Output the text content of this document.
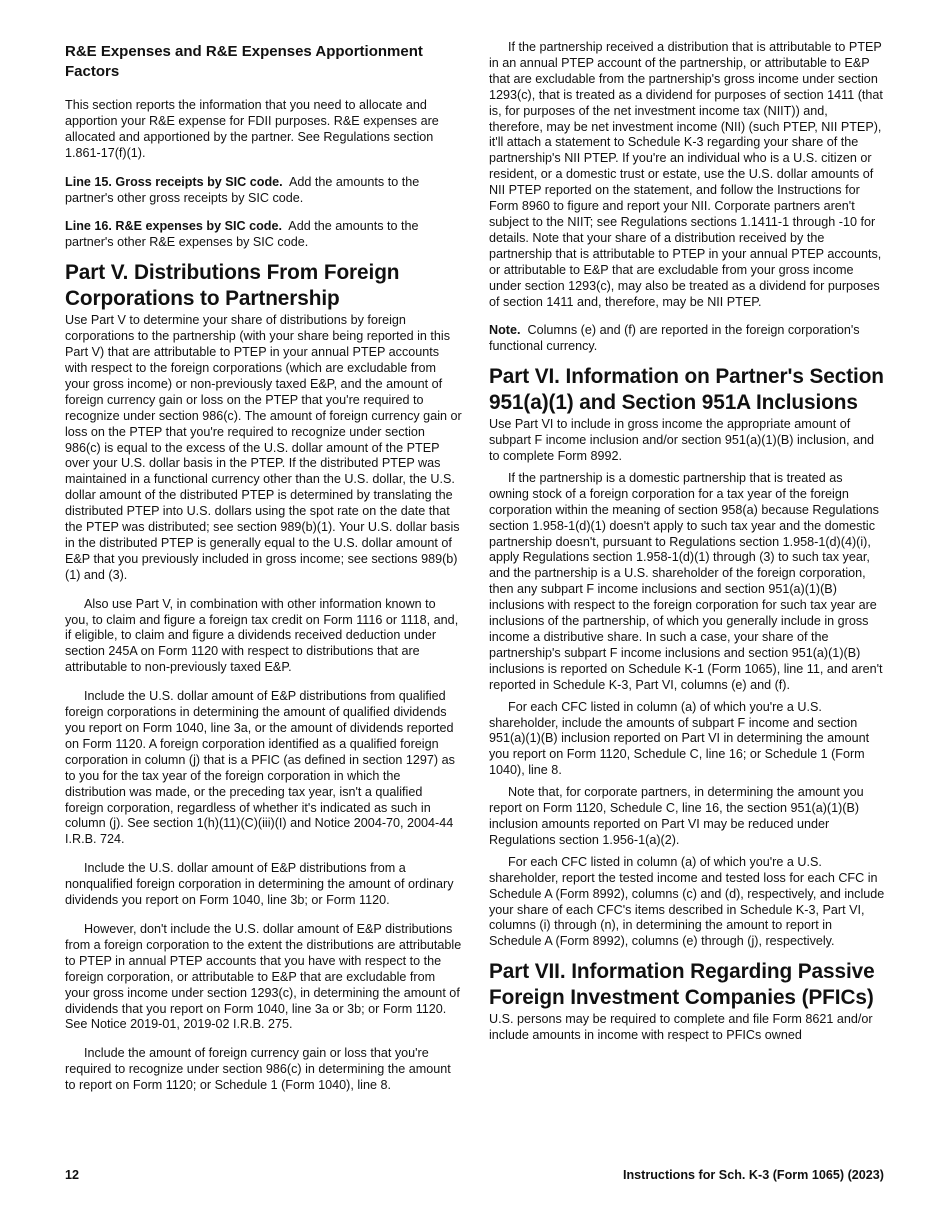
R&E Expenses and R&E Expenses Apportionment Factors

This section reports the information that you need to allocate and apportion your R&E expense for FDII purposes. R&E expenses are allocated and apportioned by the partner. See Regulations section 1.861-17(f)(1).

Line 15. Gross receipts by SIC code. Add the amounts to the partner's other gross receipts by SIC code.

Line 16. R&E expenses by SIC code. Add the amounts to the partner's other R&E expenses by SIC code.

Part V. Distributions From Foreign Corporations to Partnership

Use Part V to determine your share of distributions by foreign corporations to the partnership (with your share being reported in this Part V) that are attributable to PTEP in your annual PTEP accounts with respect to the foreign corporations (which are excludable from your gross income) or non-previously taxed E&P, and the amount of foreign currency gain or loss on the PTEP that you're required to recognize under section 986(c). The amount of foreign currency gain or loss on the PTEP that you're required to recognize under section 986(c) is equal to the excess of the U.S. dollar amount of the PTEP over your U.S. dollar basis in the PTEP. If the distributed PTEP was maintained in a functional currency other than the U.S. dollar, the U.S. dollar amount of the distributed PTEP is determined by translating the distributed PTEP into U.S. dollars using the spot rate on the date that the PTEP was distributed; see section 989(b)(1). Your U.S. dollar basis in the distributed PTEP is generally equal to the U.S. dollar amount of E&P that you previously included in gross income; see sections 989(b)(1) and (3).

Also use Part V, in combination with other information known to you, to claim and figure a foreign tax credit on Form 1116 or 1118, and, if eligible, to claim and figure a dividends received deduction under section 245A on Form 1120 with respect to distributions that are attributable to non-previously taxed E&P.

Include the U.S. dollar amount of E&P distributions from qualified foreign corporations in determining the amount of qualified dividends you report on Form 1040, line 3a, or the amount of dividends reported on Form 1120. A foreign corporation identified as a qualified foreign corporation in column (j) that is a PFIC (as defined in section 1297) as to you for the tax year of the foreign corporation in which the distribution was made, or the preceding tax year, isn't a qualified foreign corporation, regardless of whether it's indicated as such in column (j). See section 1(h)(11)(C)(iii)(I) and Notice 2004-70, 2004-44 I.R.B. 724.

Include the U.S. dollar amount of E&P distributions from a nonqualified foreign corporation in determining the amount of ordinary dividends you report on Form 1040, line 3b; or Form 1120.

However, don't include the U.S. dollar amount of E&P distributions from a foreign corporation to the extent the distributions are attributable to PTEP in annual PTEP accounts that you have with respect to the foreign corporation, or attributable to E&P that are excludable from your gross income under section 1293(c), in determining the amount of dividends that you report on Form 1040, line 3a or 3b; or Form 1120. See Notice 2019-01, 2019-02 I.R.B. 275.

Include the amount of foreign currency gain or loss that you're required to recognize under section 986(c) in determining the amount to report on Form 1120; or Schedule 1 (Form 1040), line 8.

If the partnership received a distribution that is attributable to PTEP in an annual PTEP account of the partnership, or attributable to E&P that are excludable from the partnership's gross income under section 1293(c), that is treated as a dividend for purposes of section 1411 (that is, for purposes of the net investment income tax (NIIT)) and, therefore, may be net investment income (NII) (such PTEP, NII PTEP), it'll attach a statement to Schedule K-3 regarding your share of the partnership's NII PTEP. If you're an individual who is a U.S. citizen or resident, or a domestic trust or estate, use the U.S. dollar amounts of NII PTEP reported on the statement, and follow the Instructions for Form 8960 to figure and report your NII. Corporate partners aren't subject to the NIIT; see Regulations sections 1.1411-1 through -10 for details. Note that your share of a distribution received by the partnership that is attributable to PTEP in your annual PTEP accounts, or attributable to E&P that are excludable from your gross income under section 1293(c), may also be treated as a dividend for purposes of section 1411 and, therefore, may be NII PTEP.

Note. Columns (e) and (f) are reported in the foreign corporation's functional currency.

Part VI. Information on Partner's Section 951(a)(1) and Section 951A Inclusions

Use Part VI to include in gross income the appropriate amount of subpart F income inclusion and/or section 951(a)(1)(B) inclusion, and to complete Form 8992.

If the partnership is a domestic partnership that is treated as owning stock of a foreign corporation for a tax year of the foreign corporation within the meaning of section 958(a) because Regulations section 1.958-1(d)(1) doesn't apply to such tax year and the domestic partnership doesn't, pursuant to Regulations section 1.958-1(d)(4)(i), apply Regulations section 1.958-1(d)(1) through (3) to such tax year, and the partnership is a U.S. shareholder of the foreign corporation, then any subpart F income inclusions and section 951(a)(1)(B) inclusions with respect to the foreign corporation for such tax year are inclusions of the partnership, of which you generally include in gross income a distributive share. In such a case, your share of the partnership's subpart F income inclusions and section 951(a)(1)(B) inclusions is reported on Schedule K-1 (Form 1065), line 11, and aren't reported in Schedule K-3, Part VI, columns (e) and (f).

For each CFC listed in column (a) of which you're a U.S. shareholder, include the amounts of subpart F income and section 951(a)(1)(B) inclusion reported on Part VI in determining the amount you report on Form 1120, Schedule C, line 16; or Schedule 1 (Form 1040), line 8.

Note that, for corporate partners, in determining the amount you report on Form 1120, Schedule C, line 16, the section 951(a)(1)(B) inclusion amounts reported on Part VI may be reduced under Regulations section 1.956-1(a)(2).

For each CFC listed in column (a) of which you're a U.S. shareholder, report the tested income and tested loss for each CFC in Schedule A (Form 8992), columns (c) and (d), respectively, and include your share of each CFC's items described in Schedule K-3, Part VI, columns (i) through (n), in determining the amount to report in Schedule A (Form 8992), columns (e) through (j), respectively.

Part VII. Information Regarding Passive Foreign Investment Companies (PFICs)

U.S. persons may be required to complete and file Form 8621 and/or include amounts in income with respect to PFICs owned

12	Instructions for Sch. K-3 (Form 1065) (2023)
